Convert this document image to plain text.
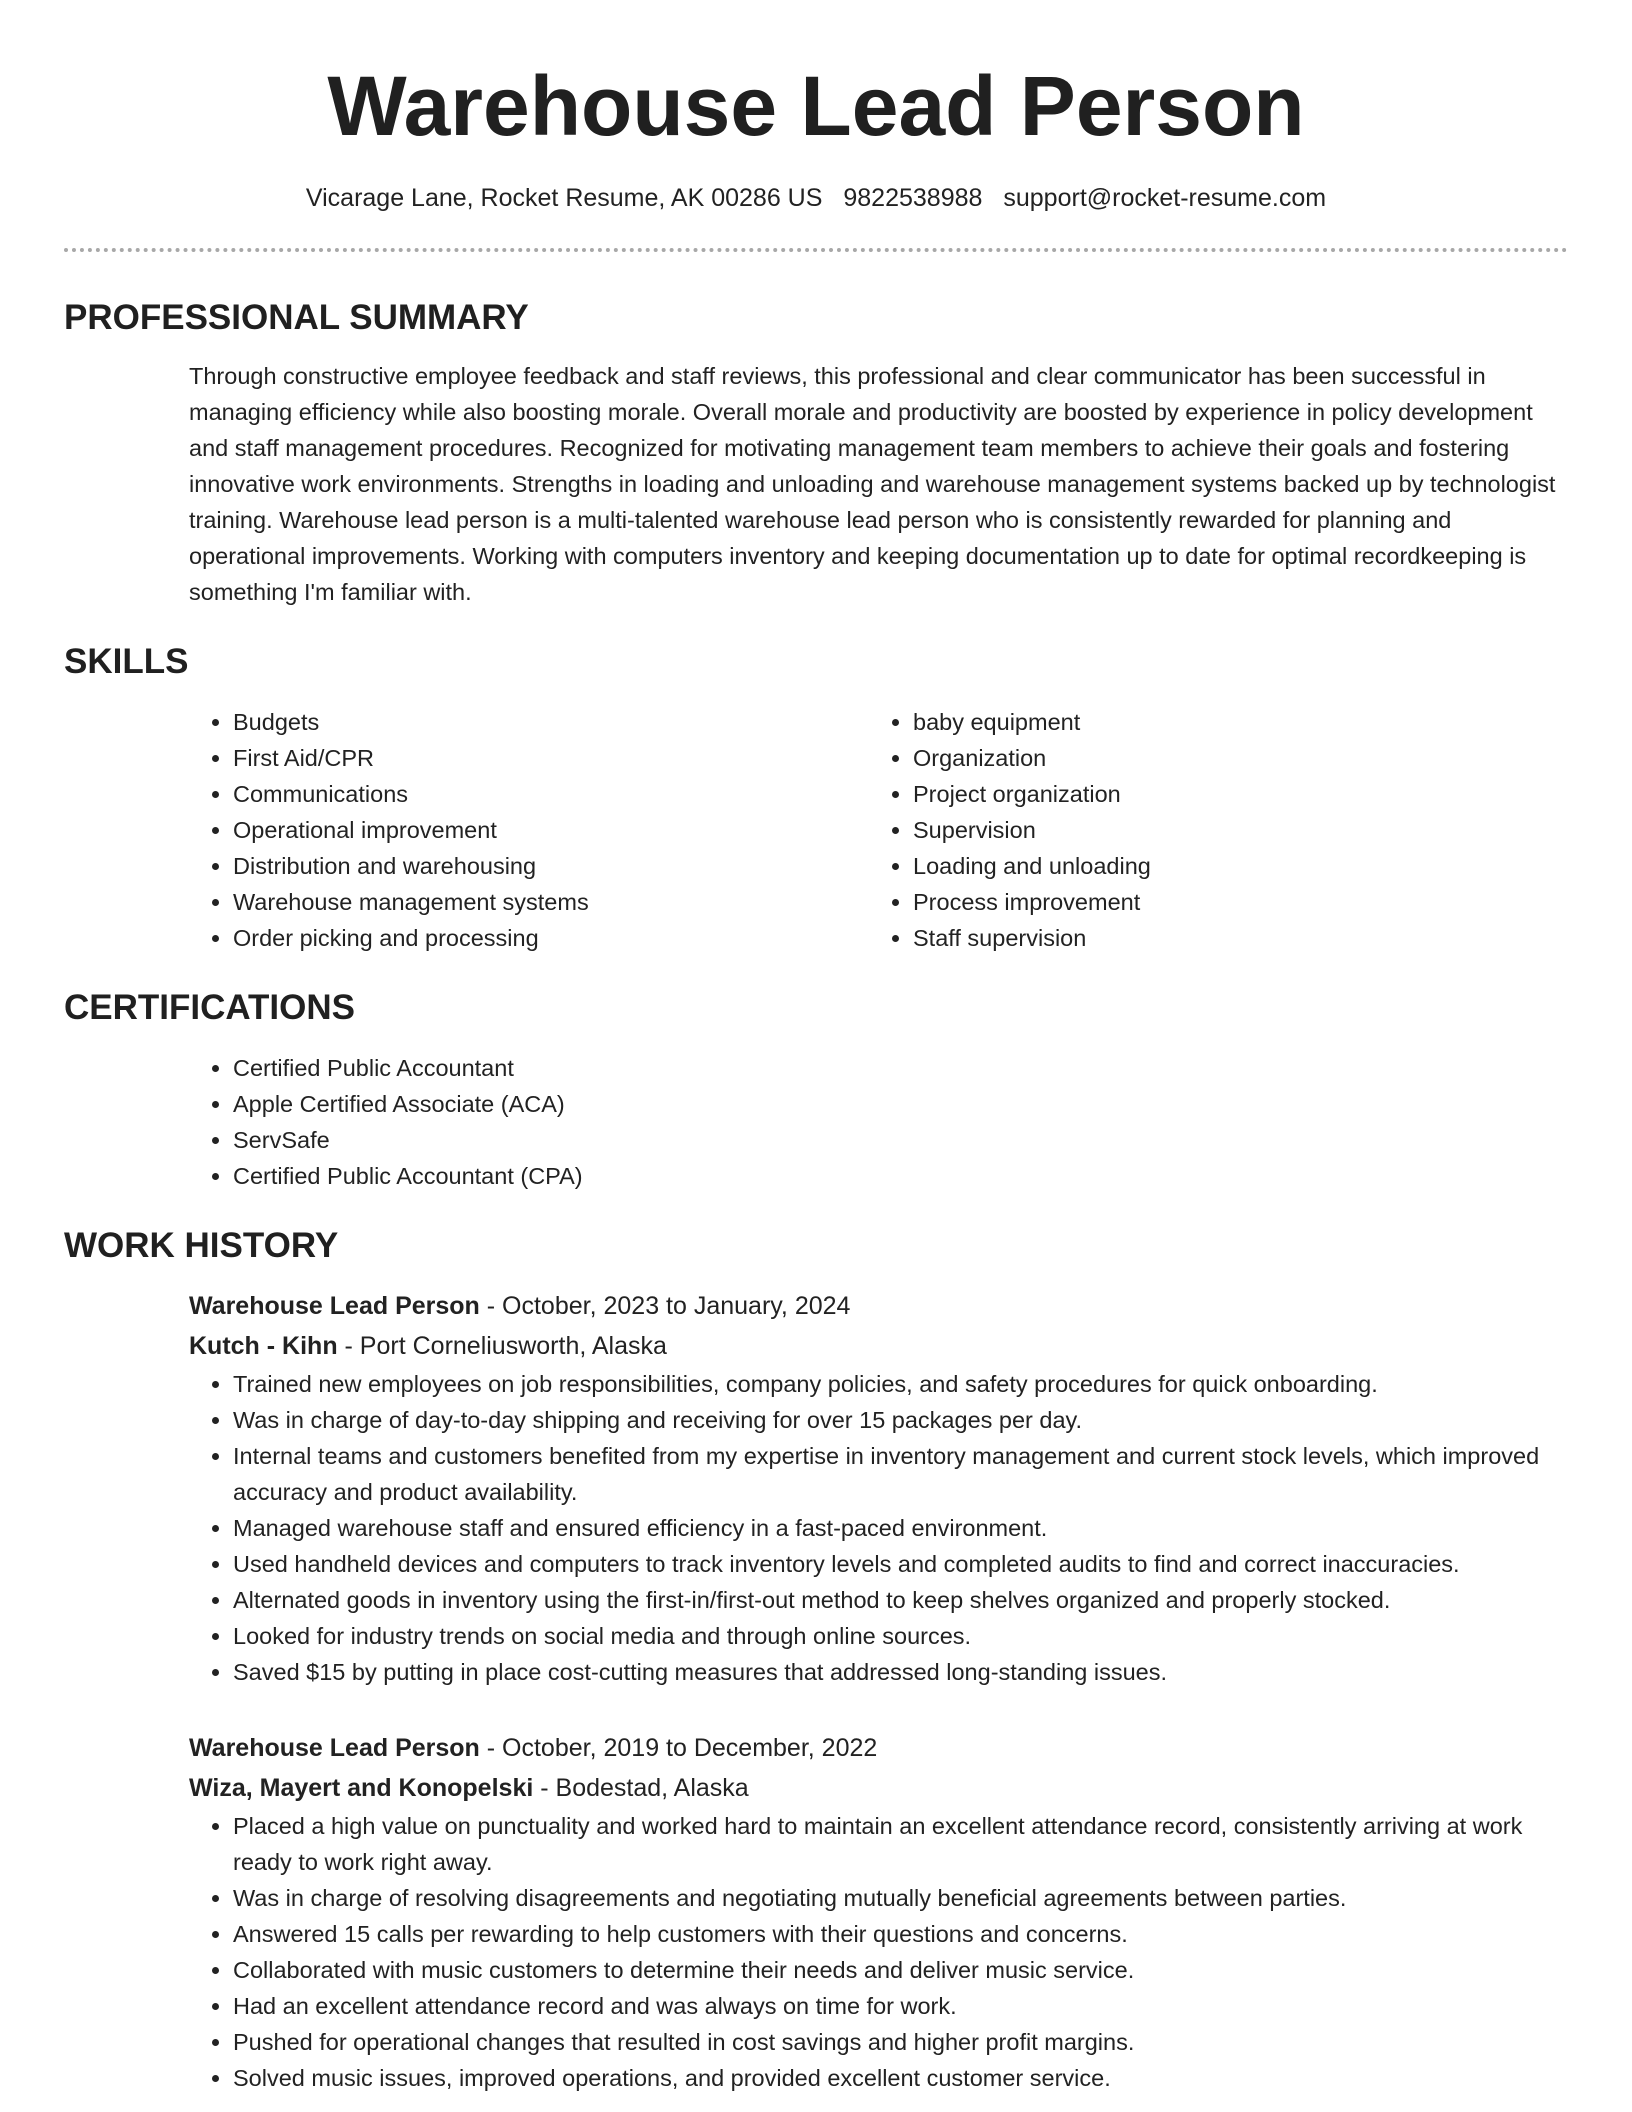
Warehouse Lead Person
Vicarage Lane, Rocket Resume, AK 00286 US 9822538988 support@rocket-resume.com
PROFESSIONAL SUMMARY
Through constructive employee feedback and staff reviews, this professional and clear communicator has been successful in managing efficiency while also boosting morale. Overall morale and productivity are boosted by experience in policy development and staff management procedures. Recognized for motivating management team members to achieve their goals and fostering innovative work environments. Strengths in loading and unloading and warehouse management systems backed up by technologist training. Warehouse lead person is a multi-talented warehouse lead person who is consistently rewarded for planning and operational improvements. Working with computers inventory and keeping documentation up to date for optimal recordkeeping is something I'm familiar with.
SKILLS
• Budgets
• First Aid/CPR
• Communications
• Operational improvement
• Distribution and warehousing
• Warehouse management systems
• Order picking and processing
• baby equipment
• Organization
• Project organization
• Supervision
• Loading and unloading
• Process improvement
• Staff supervision
CERTIFICATIONS
• Certified Public Accountant
• Apple Certified Associate (ACA)
• ServSafe
• Certified Public Accountant (CPA)
WORK HISTORY
Warehouse Lead Person - October, 2023 to January, 2024
Kutch - Kihn - Port Corneliusworth, Alaska
• Trained new employees on job responsibilities, company policies, and safety procedures for quick onboarding.
• Was in charge of day-to-day shipping and receiving for over 15 packages per day.
• Internal teams and customers benefited from my expertise in inventory management and current stock levels, which improved accuracy and product availability.
• Managed warehouse staff and ensured efficiency in a fast-paced environment.
• Used handheld devices and computers to track inventory levels and completed audits to find and correct inaccuracies.
• Alternated goods in inventory using the first-in/first-out method to keep shelves organized and properly stocked.
• Looked for industry trends on social media and through online sources.
• Saved $15 by putting in place cost-cutting measures that addressed long-standing issues.
Warehouse Lead Person - October, 2019 to December, 2022
Wiza, Mayert and Konopelski - Bodestad, Alaska
• Placed a high value on punctuality and worked hard to maintain an excellent attendance record, consistently arriving at work ready to work right away.
• Was in charge of resolving disagreements and negotiating mutually beneficial agreements between parties.
• Answered 15 calls per rewarding to help customers with their questions and concerns.
• Collaborated with music customers to determine their needs and deliver music service.
• Had an excellent attendance record and was always on time for work.
• Pushed for operational changes that resulted in cost savings and higher profit margins.
• Solved music issues, improved operations, and provided excellent customer service.
